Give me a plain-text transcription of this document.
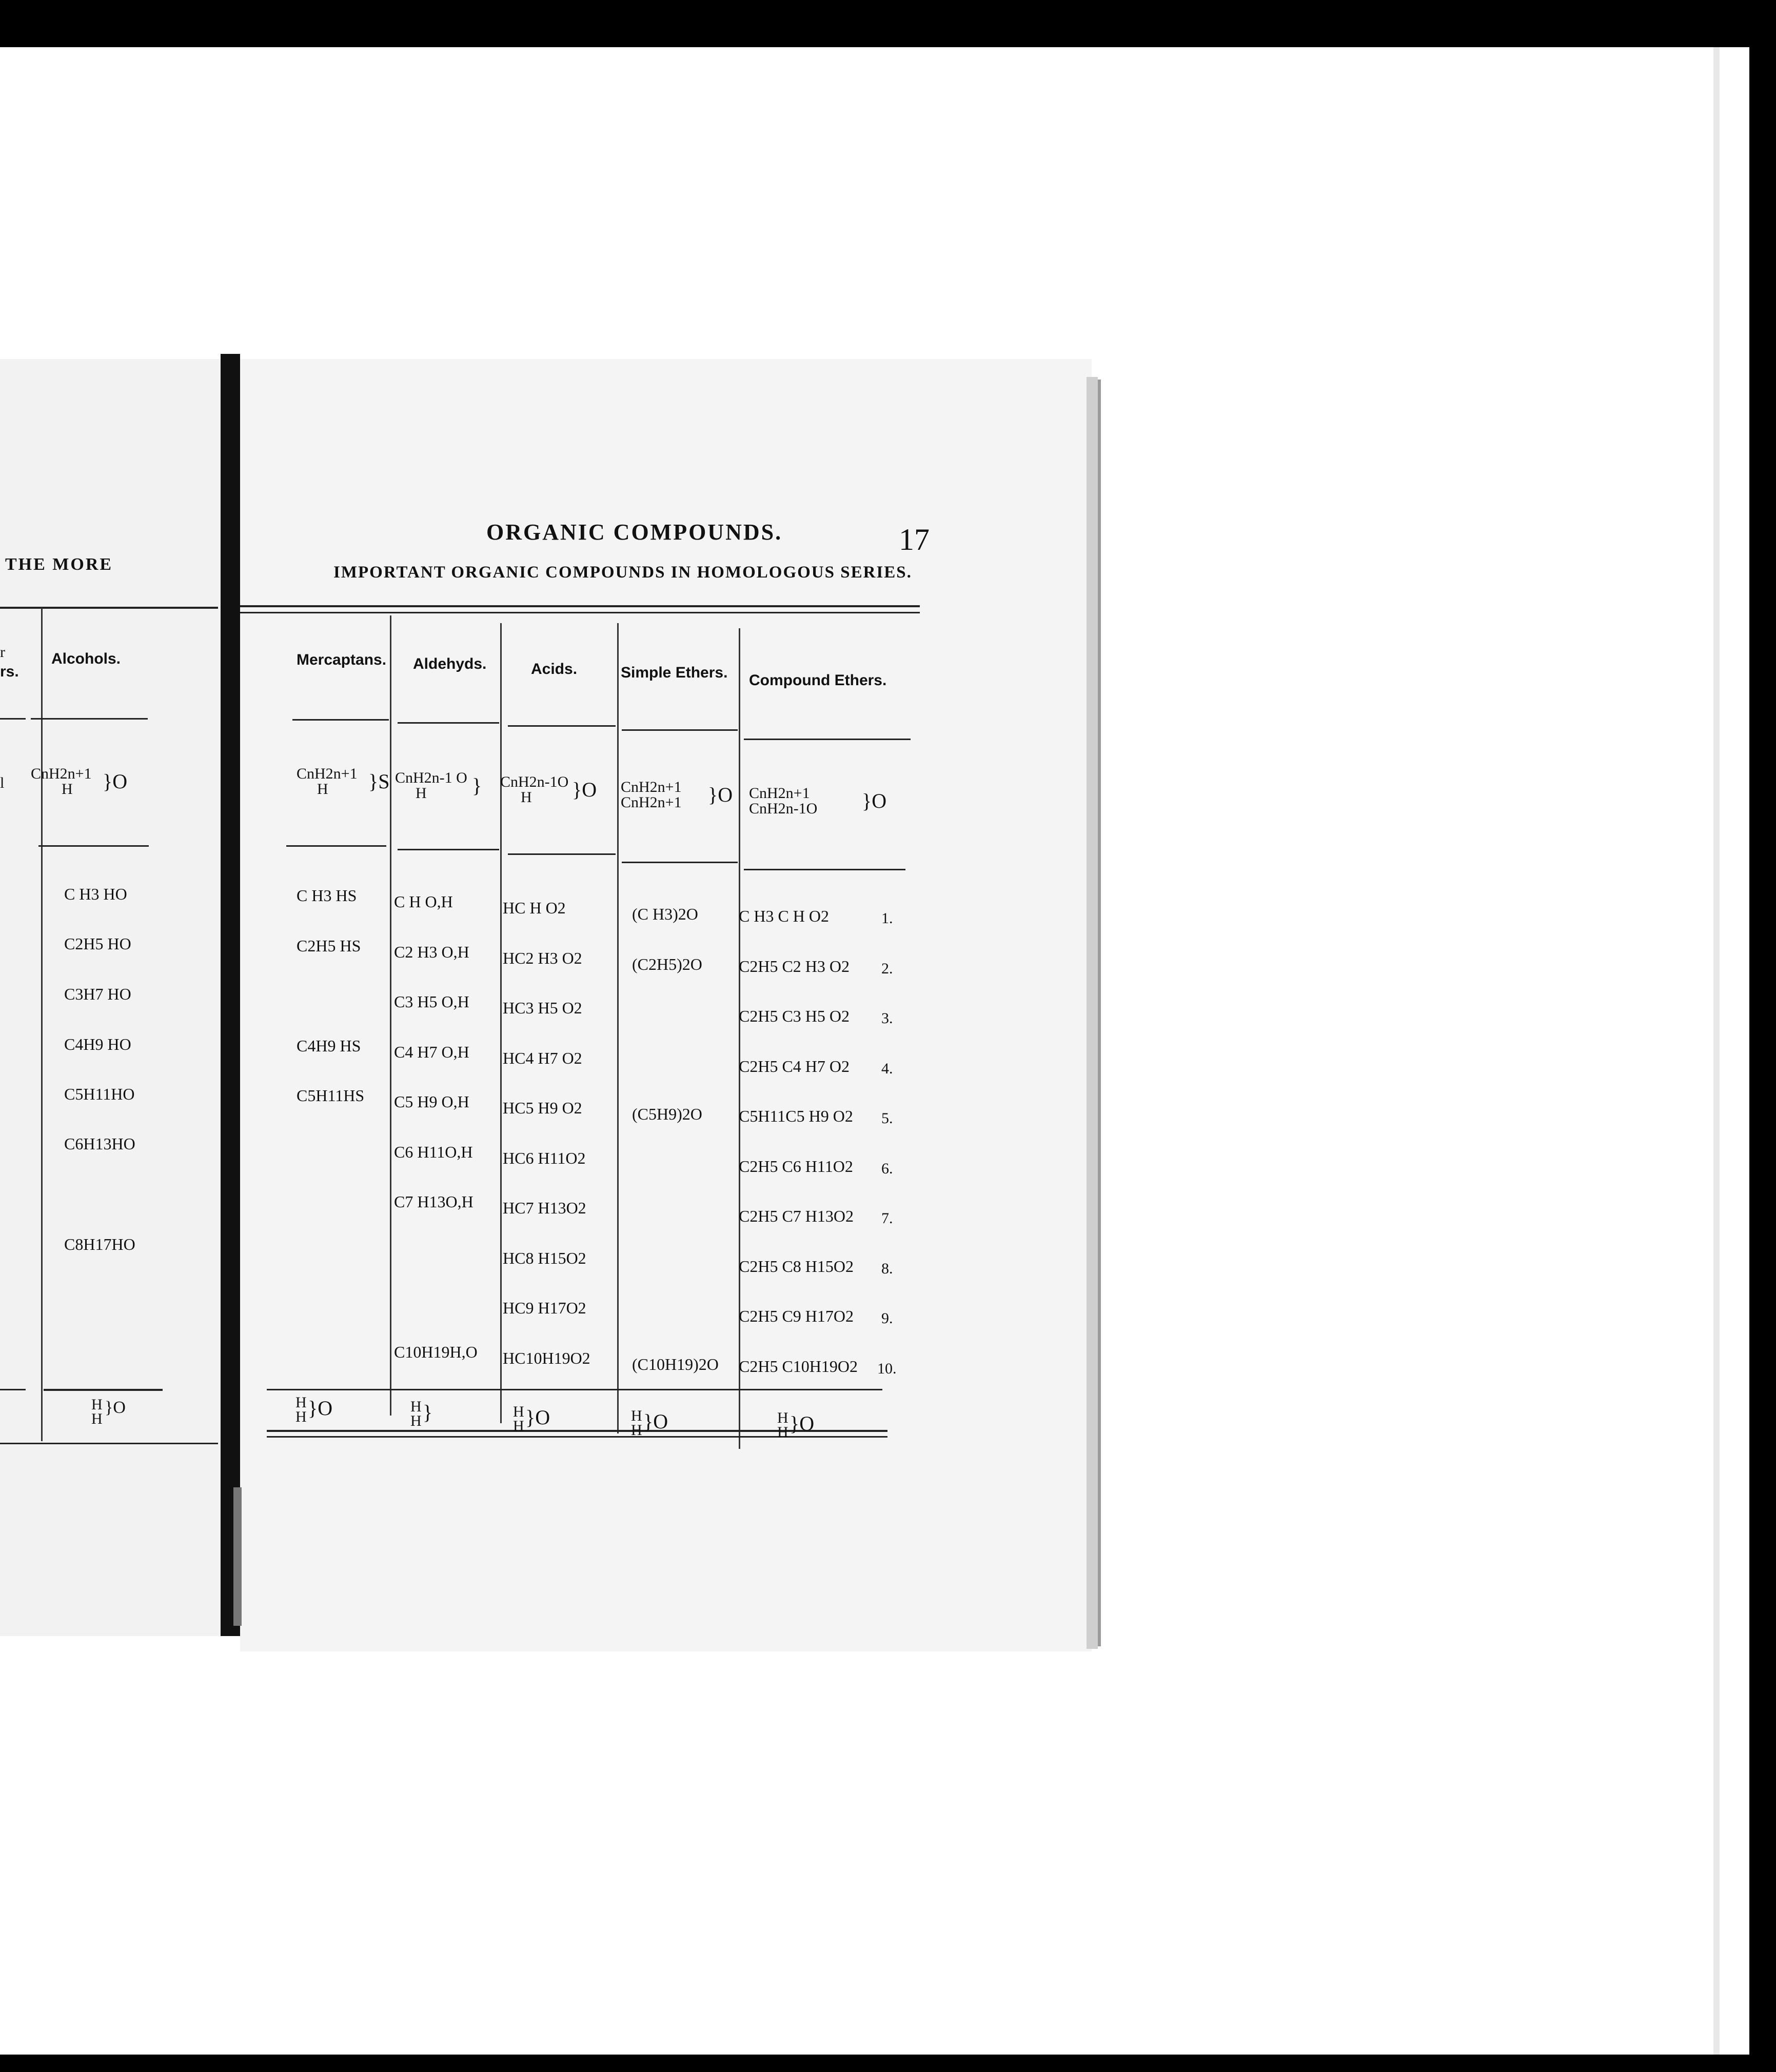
THE MORE
r
rs.
Alcohols.
l
CnH2n+1
H }O
C H3 HO
C2H5 HO
C3H7 HO
C4H9 HO
C5H11HO
C6H13HO
C8H17HO
H
H
}O
ORGANIC COMPOUNDS.	17
IMPORTANT ORGANIC COMPOUNDS IN HOMOLOGOUS SERIES.
Mercaptans.
CnH2n+1
H }S
C H3 HS
C2H5 HS
C4H9 HS
C5H11HS
H
H }O
Aldehyds.
CnH2n-1 O
H }
C H O,H
C2 H3 O,H
C3 H5 O,H
C4 H7 O,H
C5 H9 O,H
C6 H11O,H
C7 H13O,H
C10H19H,O
H
H }
Acids.
CnH2n-1O
H }O
HC H O2
HC2 H3 O2
HC3 H5 O2
HC4 H7 O2
HC5 H9 O2
HC6 H11O2
HC7 H13O2
HC8 H15O2
HC9 H17O2
HC10H19O2
H
H }O
Simple Ethers.
CnH2n+1
CnH2n+1 }O
(C H3)2O
(C2H5)2O
(C5H9)2O
(C10H19)2O
H
H }O
Compound Ethers.
CnH2n+1
CnH2n-1O }O
C H3 C H O2
C2H5 C2 H3 O2
C2H5 C3 H5 O2
C2H5 C4 H7 O2
C5H11C5 H9 O2
C2H5 C6 H11O2
C2H5 C7 H13O2
C2H5 C8 H15O2
C2H5 C9 H17O2
C2H5 C10H19O2
H
H }O
1.
2.
3.
4.
5.
6.
7.
8.
9.
10.
